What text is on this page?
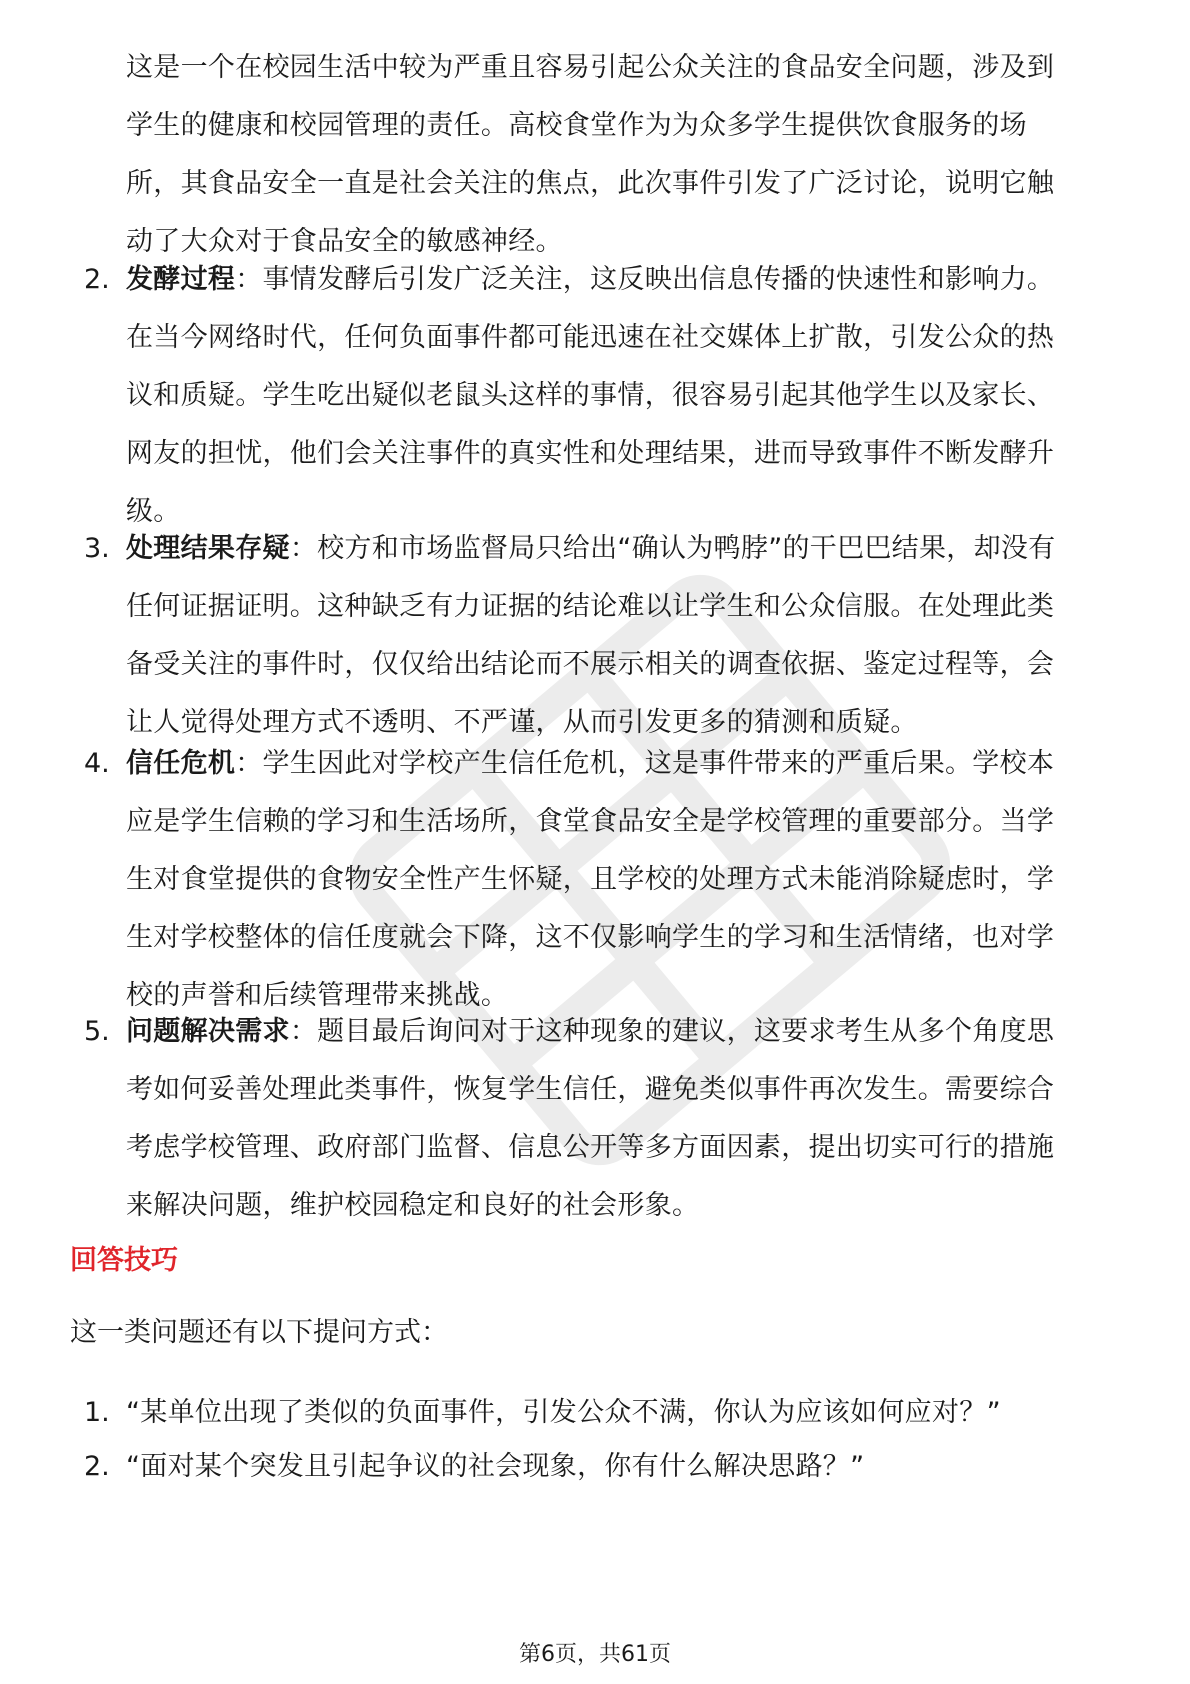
这是一个在校园生活中较为严重且容易引起公众关注的食品安全问题，涉及到
学生的健康和校园管理的责任。高校食堂作为为众多学生提供饮食服务的场
所，其食品安全一直是社会关注的焦点，此次事件引发了广泛讨论，说明它触
动了大众对于食品安全的敏感神经。
2. 发酵过程：事情发酵后引发广泛关注，这反映出信息传播的快速性和影响力。
在当今网络时代，任何负面事件都可能迅速在社交媒体上扩散，引发公众的热
议和质疑。学生吃出疑似老鼠头这样的事情，很容易引起其他学生以及家长、
网友的担忧，他们会关注事件的真实性和处理结果，进而导致事件不断发酵升
级。
3. 处理结果存疑：校方和市场监督局只给出“确认为鸭脖”的干巴巴结果，却没有
任何证据证明。这种缺乏有力证据的结论难以让学生和公众信服。在处理此类
备受关注的事件时，仅仅给出结论而不展示相关的调查依据、鉴定过程等，会
让人觉得处理方式不透明、不严谨，从而引发更多的猜测和质疑。
4. 信任危机：学生因此对学校产生信任危机，这是事件带来的严重后果。学校本
应是学生信赖的学习和生活场所，食堂食品安全是学校管理的重要部分。当学
生对食堂提供的食物安全性产生怀疑，且学校的处理方式未能消除疑虑时，学
生对学校整体的信任度就会下降，这不仅影响学生的学习和生活情绪，也对学
校的声誉和后续管理带来挑战。
5. 问题解决需求：题目最后询问对于这种现象的建议，这要求考生从多个角度思
考如何妥善处理此类事件，恢复学生信任，避免类似事件再次发生。需要综合
考虑学校管理、政府部门监督、信息公开等多方面因素，提出切实可行的措施
来解决问题，维护校园稳定和良好的社会形象。
回答技巧
这一类问题还有以下提问方式：
1. “某单位出现了类似的负面事件，引发公众不满，你认为应该如何应对？”
2. “面对某个突发且引起争议的社会现象，你有什么解决思路？”
第6页，共61页
